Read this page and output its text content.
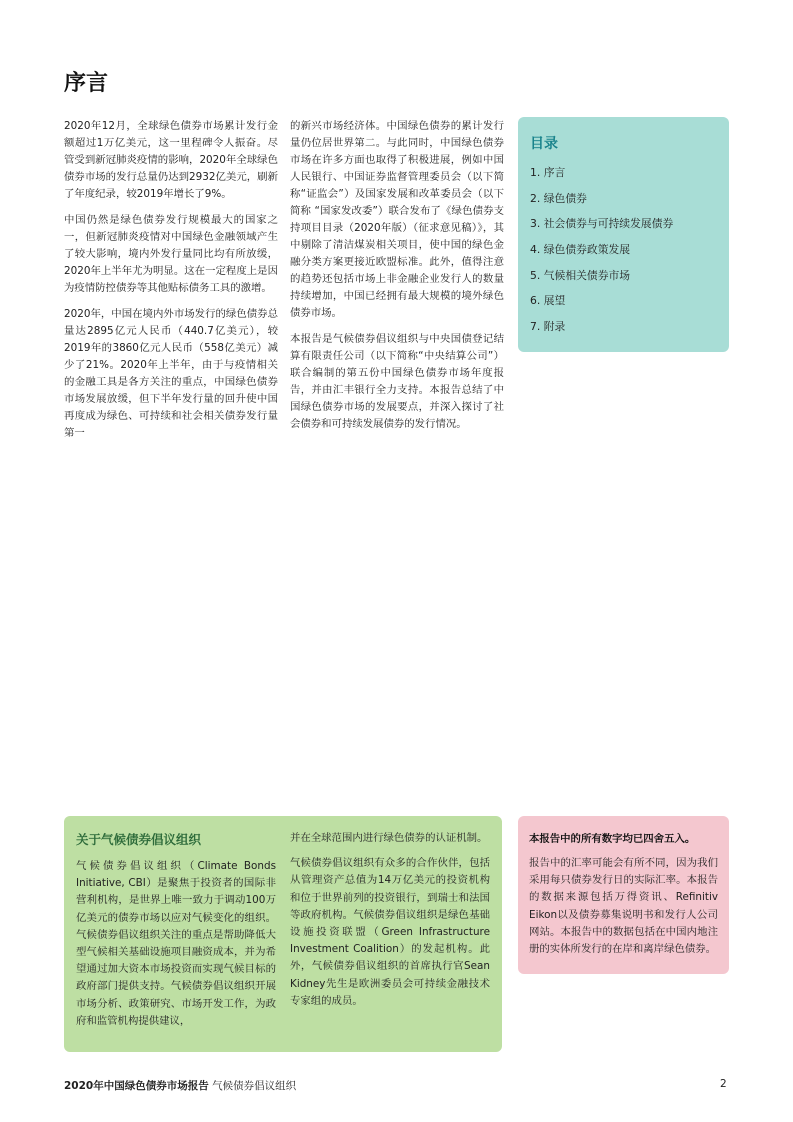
序言

2020年12月，全球绿色债券市场累计发行金额超过1万亿美元，这一里程碑令人振奋。尽管受到新冠肺炎疫情的影响，2020年全球绿色债券市场的发行总量仍达到2932亿美元，刷新了年度纪录，较2019年增长了9%。

中国仍然是绿色债券发行规模最大的国家之一，但新冠肺炎疫情对中国绿色金融领域产生了较大影响，境内外发行量同比均有所放缓，2020年上半年尤为明显。这在一定程度上是因为疫情防控债券等其他贴标债务工具的激增。

2020年，中国在境内外市场发行的绿色债券总量达2895亿元人民币（440.7亿美元），较2019年的3860亿元人民币（558亿美元）减少了21%。2020年上半年，由于与疫情相关的金融工具是各方关注的重点，中国绿色债券市场发展放缓，但下半年发行量的回升使中国再度成为绿色、可持续和社会相关债券发行量第一

的新兴市场经济体。中国绿色债券的累计发行量仍位居世界第二。与此同时，中国绿色债券市场在许多方面也取得了积极进展，例如中国人民银行、中国证券监督管理委员会（以下简称“证监会”）及国家发展和改革委员会（以下简称 “国家发改委”）联合发布了《绿色债券支持项目目录（2020年版）（征求意见稿）》，其中剔除了清洁煤炭相关项目，使中国的绿色金融分类方案更接近欧盟标准。此外，值得注意的趋势还包括市场上非金融企业发行人的数量持续增加，中国已经拥有最大规模的境外绿色债券市场。

本报告是气候债券倡议组织与中央国债登记结算有限责任公司（以下简称“中央结算公司”）联合编制的第五份中国绿色债券市场年度报告，并由汇丰银行全力支持。本报告总结了中国绿色债券市场的发展要点，并深入探讨了社会债券和可持续发展债券的发行情况。

目录
1. 序言
2. 绿色债券
3. 社会债券与可持续发展债券
4. 绿色债券政策发展
5. 气候相关债券市场
6. 展望
7. 附录
关于气候债券倡议组织

气候债券倡议组织（Climate Bonds Initiative, CBI）是聚焦于投资者的国际非营利机构，是世界上唯一致力于调动100万亿美元的债券市场以应对气候变化的组织。气候债券倡议组织关注的重点是帮助降低大型气候相关基础设施项目融资成本，并为希望通过加大资本市场投资而实现气候目标的政府部门提供支持。气候债券倡议组织开展市场分析、政策研究、市场开发工作，为政府和监管机构提供建议，

并在全球范围内进行绿色债券的认证机制。

气候债券倡议组织有众多的合作伙伴，包括从管理资产总值为14万亿美元的投资机构和位于世界前列的投资银行，到瑞士和法国等政府机构。气候债券倡议组织是绿色基础设施投资联盟（Green Infrastructure Investment Coalition）的发起机构。此外，气候债券倡议组织的首席执行官Sean Kidney先生是欧洲委员会可持续金融技术专家组的成员。

本报告中的所有数字均已四舍五入。
报告中的汇率可能会有所不同，因为我们采用每只债券发行日的实际汇率。本报告的数据来源包括万得资讯、Refinitiv Eikon以及债券募集说明书和发行人公司网站。本报告中的数据包括在中国内地注册的实体所发行的在岸和离岸绿色债券。
2020年中国绿色债券市场报告 气候债券倡议组织	2
